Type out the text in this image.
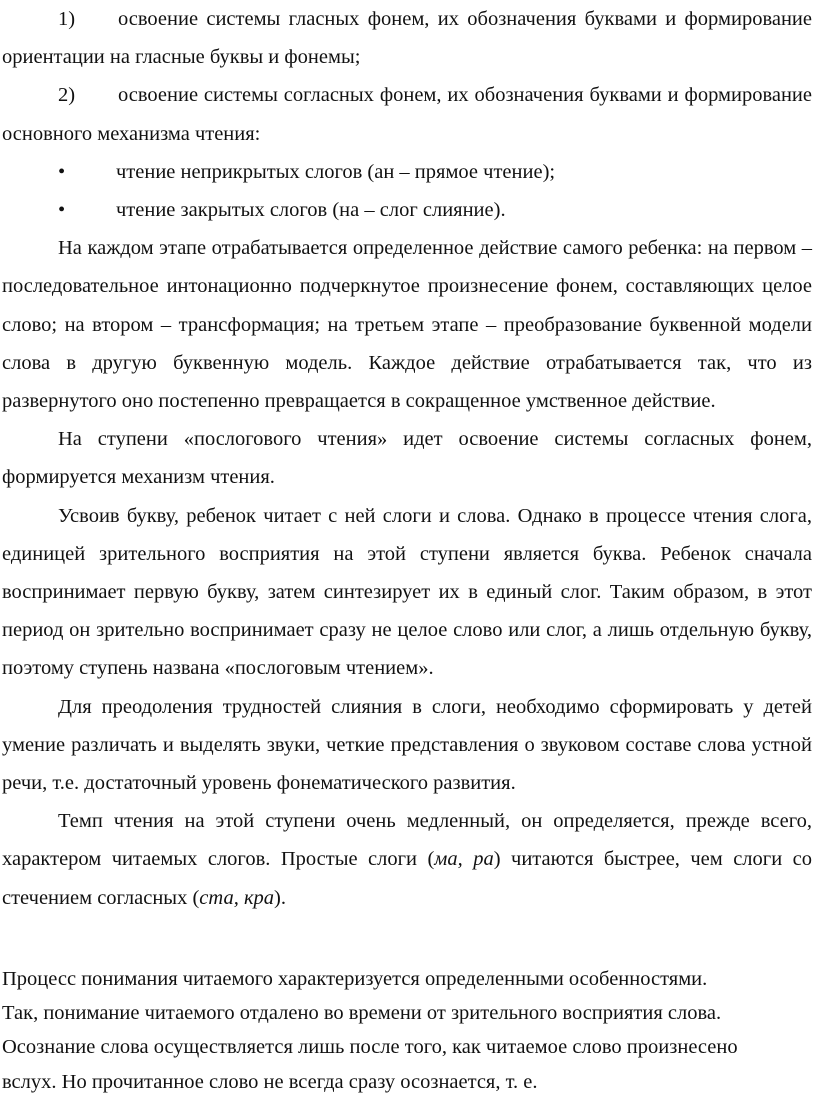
1) освоение системы гласных фонем, их обозначения буквами и формирование ориентации на гласные буквы и фонемы;

2) освоение системы согласных фонем, их обозначения буквами и формирование основного механизма чтения:

•	чтение неприкрытых слогов (ан – прямое чтение);

•	чтение закрытых слогов (на – слог слияние).

На каждом этапе отрабатывается определенное действие самого ребенка: на первом – последовательное интонационно подчеркнутое произнесение фонем, составляющих целое слово; на втором – трансформация; на третьем этапе – преобразование буквенной модели слова в другую буквенную модель. Каждое действие отрабатывается так, что из развернутого оно постепенно превращается в сокращенное умственное действие.

На ступени «послогового чтения» идет освоение системы согласных фонем, формируется механизм чтения.

Усвоив букву, ребенок читает с ней слоги и слова. Однако в процессе чтения слога, единицей зрительного восприятия на этой ступени является буква. Ребенок сначала воспринимает первую букву, затем синтезирует их в единый слог. Таким образом, в этот период он зрительно воспринимает сразу не целое слово или слог, а лишь отдельную букву, поэтому ступень названа «послоговым чтением».

Для преодоления трудностей слияния в слоги, необходимо сформировать у детей умение различать и выделять звуки, четкие представления о звуковом составе слова устной речи, т.е. достаточный уровень фонематического развития.

Темп чтения на этой ступени очень медленный, он определяется, прежде всего, характером читаемых слогов. Простые слоги (ма, ра) читаются быстрее, чем слоги со стечением согласных (ста, кра).

Процесс понимания читаемого характеризуется определенными особенностями.

Так, понимание читаемого отдалено во времени от зрительного восприятия слова.

Осознание слова осуществляется лишь после того, как читаемое слово произнесено

вслух. Но прочитанное слово не всегда сразу осознается, т. е.
